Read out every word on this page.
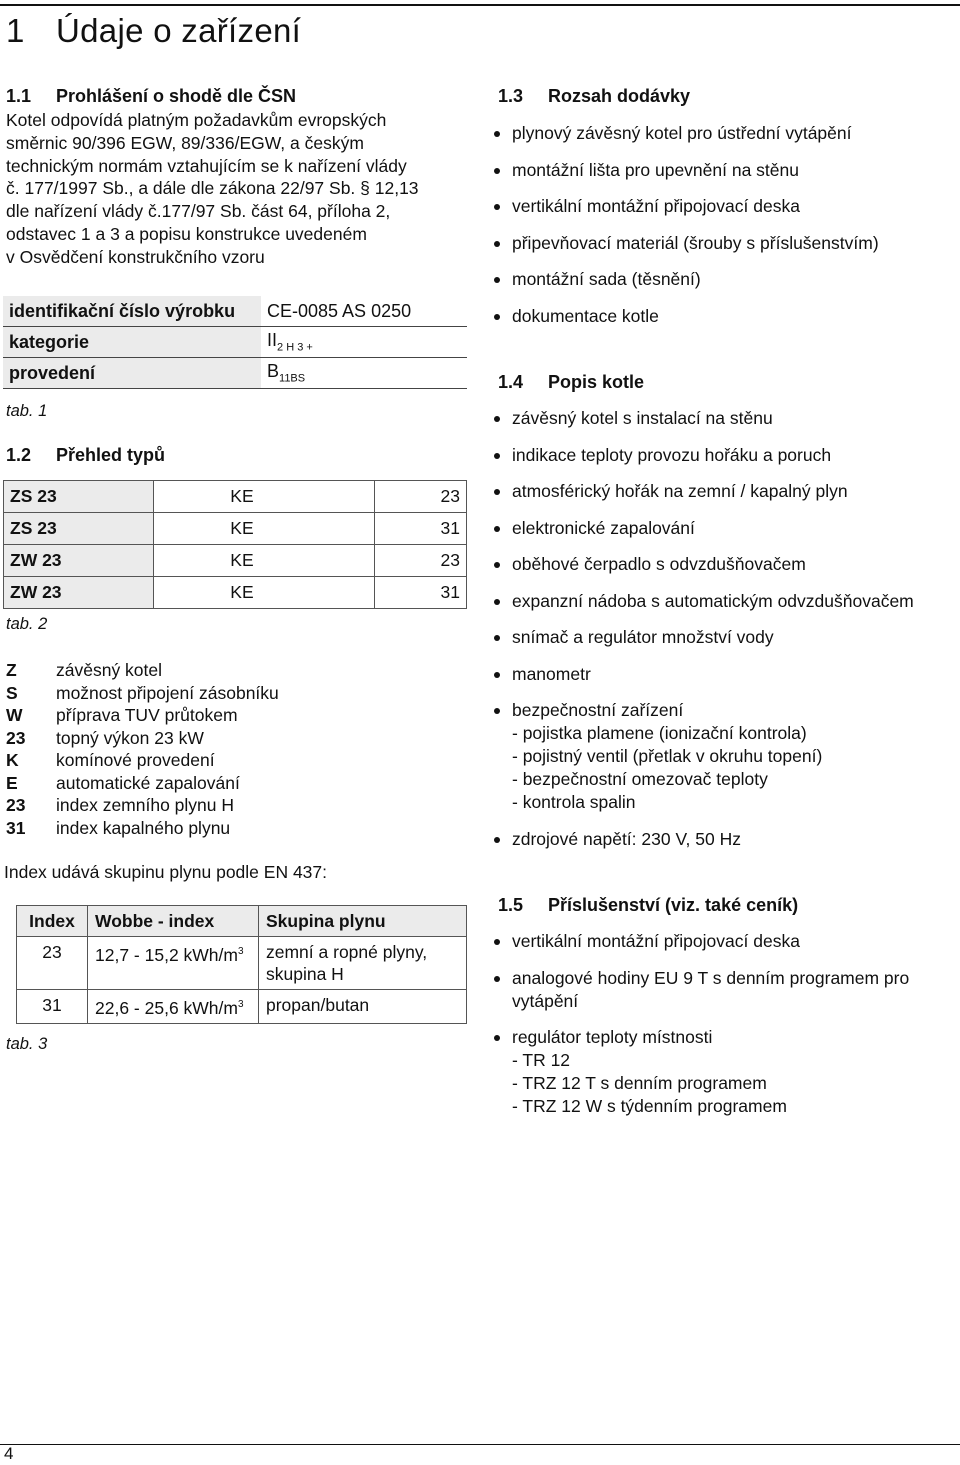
1 Údaje o zařízení
1.1 Prohlášení o shodě dle ČSN

Kotel odpovídá platným požadavkům evropských

směrnic 90/396 EGW, 89/336/EGW, a českým

technickým normám vztahujícím se k nařízení vlády

č. 177/1997 Sb., a dále dle zákona 22/97 Sb. § 12,13

dle nařízení vlády č.177/97 Sb. část 64, příloha 2,

odstavec 1 a 3 a popisu konstrukce uvedeném

v Osvědčení konstrukčního vzoru

identifikační číslo výrobku	CE-0085 AS 0250
kategorie	$II_{2 H 3 +}$
provedení	$B_{11BS}$
tab. 1
1.2 Přehled typů
ZS 23	KE	23
ZS 23	KE	31
ZW 23	KE	23
ZW 23	KE	31
tab. 2
Z	závěsný kotel
S	možnost připojení zásobníku
W	příprava TUV průtokem
23	topný výkon 23 kW
K	komínové provedení
E	automatické zapalování
23	index zemního plynu H
31	index kapalného plynu
Index udává skupinu plynu podle EN 437:
Index	Wobbe - index	Skupina plynu
23	12,7 - 15,2 kWh/$m^3$	zemní a ropné plyny, skupina H
31	22,6 - 25,6 kWh/$m^3$	propan/butan
tab. 3
1.3 Rozsah dodávky
plynový závěsný kotel pro ústřední vytápění
montážní lišta pro upevnění na stěnu
vertikální montážní připojovací deska
připevňovací materiál (šrouby s příslušenstvím)
montážní sada (těsnění)
dokumentace kotle
1.4 Popis kotle
závěsný kotel s instalací na stěnu
indikace teploty provozu hořáku a poruch
atmosférický hořák na zemní / kapalný plyn
elektronické zapalování
oběhové čerpadlo s odvzdušňovačem
expanzní nádoba s automatickým odvzdušňovačem
snímač a regulátor množství vody
manometr
bezpečnostní zařízení
- pojistka plamene (ionizační kontrola)
- pojistný ventil (přetlak v okruhu topení)
- bezpečnostní omezovač teploty
- kontrola spalin
zdrojové napětí: 230 V, 50 Hz
1.5 Příslušenství (viz. také ceník)
vertikální montážní připojovací deska
analogové hodiny EU 9 T s denním programem pro vytápění
regulátor teploty místnosti
- TR 12
- TRZ 12 T s denním programem
- TRZ 12 W s týdenním programem
4
